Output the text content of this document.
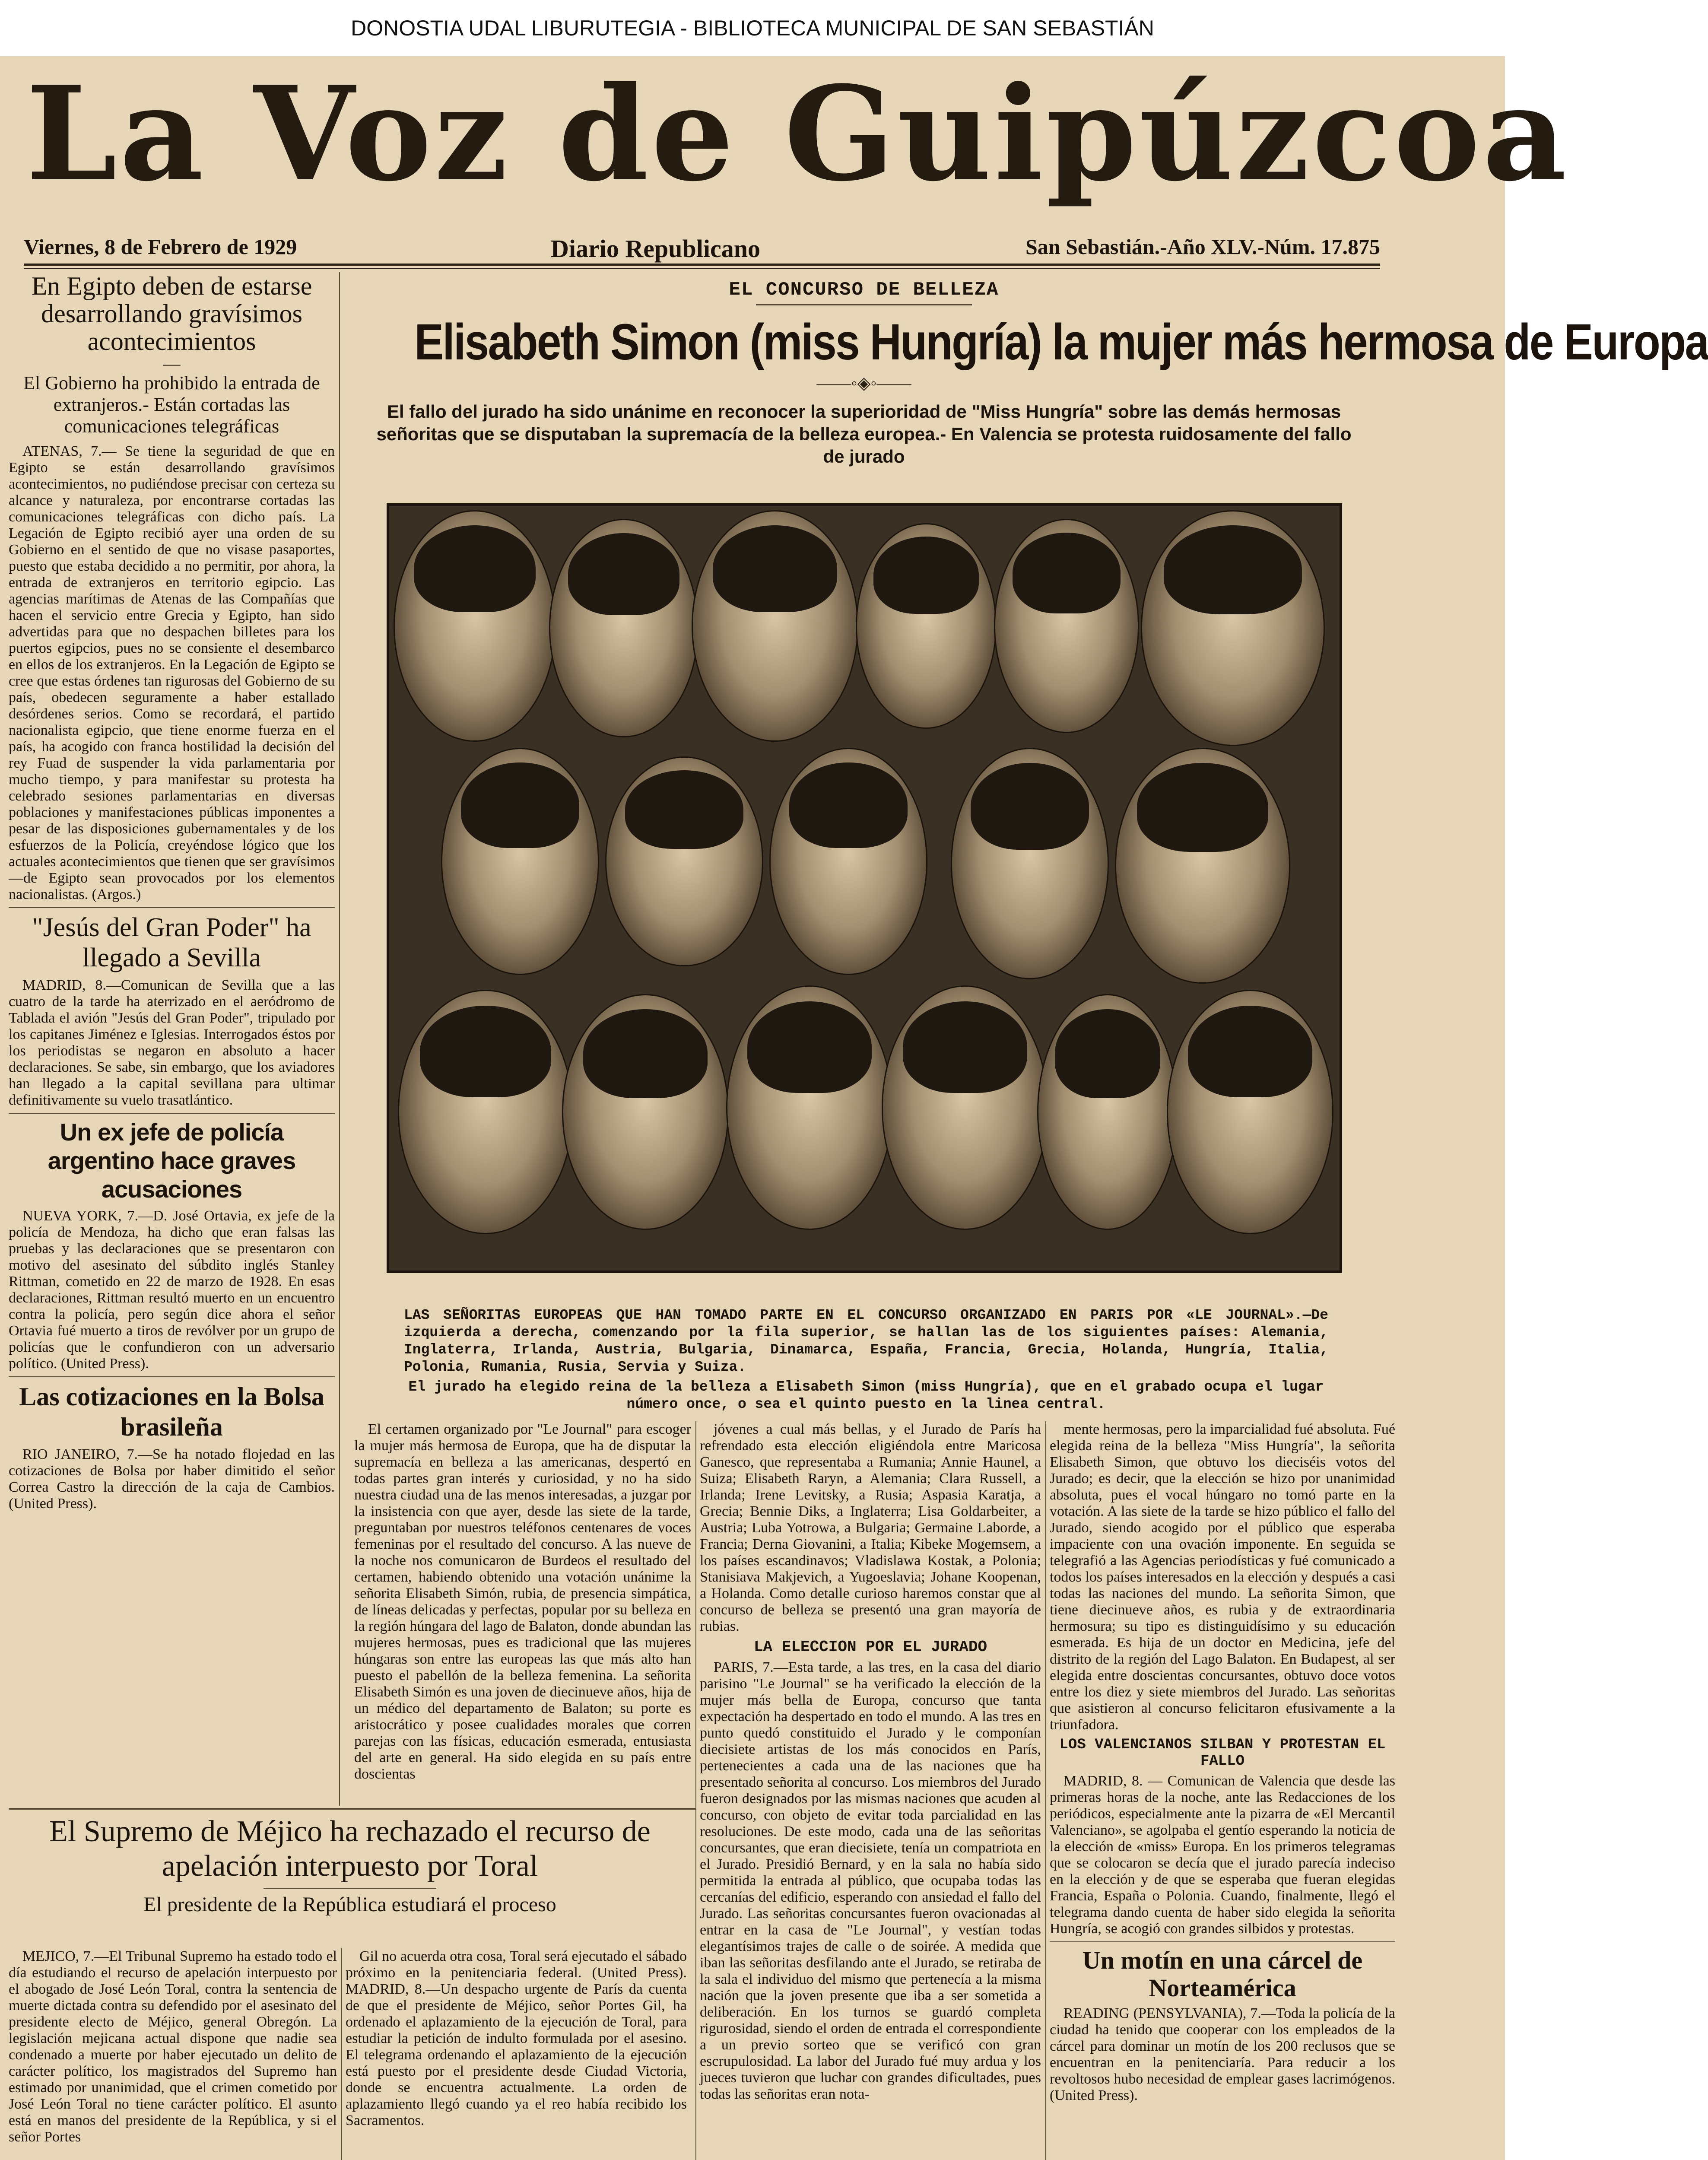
DONOSTIA UDAL LIBURUTEGIA - BIBLIOTECA MUNICIPAL DE SAN SEBASTIÁN
La Voz de Guipúzcoa
Viernes, 8 de Febrero de 1929	Diario Republicano	San Sebastián.-Año XLV.-Núm. 17.875

En Egipto deben de estarse desarrollando gravísimos acontecimientos

—

El Gobierno ha prohibido la entrada de extranjeros.- Están cortadas las comunicaciones telegráficas

ATENAS, 7.— Se tiene la seguridad de que en Egipto se están desarrollando gravísimos acontecimientos, no pudiéndose precisar con certeza su alcance y naturaleza, por encontrarse cortadas las comunicaciones telegráficas con dicho país. La Legación de Egipto recibió ayer una orden de su Gobierno en el sentido de que no visase pasaportes, puesto que estaba decidido a no permitir, por ahora, la entrada de extranjeros en territorio egipcio. Las agencias marítimas de Atenas de las Compañías que hacen el servicio entre Grecia y Egipto, han sido advertidas para que no despachen billetes para los puertos egipcios, pues no se consiente el desembarco en ellos de los extranjeros. En la Legación de Egipto se cree que estas órdenes tan rigurosas del Gobierno de su país, obedecen seguramente a haber estallado desórdenes serios. Como se recordará, el partido nacionalista egipcio, que tiene enorme fuerza en el país, ha acogido con franca hostilidad la decisión del rey Fuad de suspender la vida parlamentaria por mucho tiempo, y para manifestar su protesta ha celebrado sesiones parlamentarias en diversas poblaciones y manifestaciones públicas imponentes a pesar de las disposiciones gubernamentales y de los esfuerzos de la Policía, creyéndose lógico que los actuales acontecimientos que tienen que ser gravísimos—de Egipto sean provocados por los elementos nacionalistas. (Argos.)

"Jesús del Gran Poder" ha llegado a Sevilla

MADRID, 8.—Comunican de Sevilla que a las cuatro de la tarde ha aterrizado en el aeródromo de Tablada el avión "Jesús del Gran Poder", tripulado por los capitanes Jiménez e Iglesias. Interrogados éstos por los periodistas se negaron en absoluto a hacer declaraciones. Se sabe, sin embargo, que los aviadores han llegado a la capital sevillana para ultimar definitivamente su vuelo trasatlántico.

Un ex jefe de policía argentino hace graves acusaciones

NUEVA YORK, 7.—D. José Ortavia, ex jefe de la policía de Mendoza, ha dicho que eran falsas las pruebas y las declaraciones que se presentaron con motivo del asesinato del súbdito inglés Stanley Rittman, cometido en 22 de marzo de 1928. En esas declaraciones, Rittman resultó muerto en un encuentro contra la policía, pero según dice ahora el señor Ortavia fué muerto a tiros de revólver por un grupo de policías que le confundieron con un adversario político. (United Press).

Las cotizaciones en la Bolsa brasileña

RIO JANEIRO, 7.—Se ha notado flojedad en las cotizaciones de Bolsa por haber dimitido el señor Correa Castro la dirección de la caja de Cambios. (United Press).

EL CONCURSO DE BELLEZA

Elisabeth Simon (miss Hungría) la mujer más hermosa de Europa

——◦◈◦——

El fallo del jurado ha sido unánime en reconocer la superioridad de "Miss Hungría" sobre las demás hermosas señoritas que se disputaban la supremacía de la belleza europea.- En Valencia se protesta ruidosamente del fallo de jurado

LAS SEÑORITAS EUROPEAS QUE HAN TOMADO PARTE EN EL CONCURSO ORGANIZADO EN PARIS POR «LE JOURNAL».—De izquierda a derecha, comenzando por la fila superior, se hallan las de los siguientes países: Alemania, Inglaterra, Irlanda, Austria, Bulgaria, Dinamarca, España, Francia, Grecia, Holanda, Hungría, Italia, Polonia, Rumania, Rusia, Servia y Suiza.

El jurado ha elegido reina de la belleza a Elisabeth Simon (miss Hungría), que en el grabado ocupa el lugar número once, o sea el quinto puesto en la linea central.

El certamen organizado por "Le Journal" para escoger la mujer más hermosa de Europa, que ha de disputar la supremacía en belleza a las americanas, despertó en todas partes gran interés y curiosidad, y no ha sido nuestra ciudad una de las menos interesadas, a juzgar por la insistencia con que ayer, desde las siete de la tarde, preguntaban por nuestros teléfonos centenares de voces femeninas por el resultado del concurso. A las nueve de la noche nos comunicaron de Burdeos el resultado del certamen, habiendo obtenido una votación unánime la señorita Elisabeth Simón, rubia, de presencia simpática, de líneas delicadas y perfectas, popular por su belleza en la región húngara del lago de Balaton, donde abundan las mujeres hermosas, pues es tradicional que las mujeres húngaras son entre las europeas las que más alto han puesto el pabellón de la belleza femenina. La señorita Elisabeth Simón es una joven de diecinueve años, hija de un médico del departamento de Balaton; su porte es aristocrático y posee cualidades morales que corren parejas con las físicas, educación esmerada, entusiasta del arte en general. Ha sido elegida en su país entre doscientas

jóvenes a cual más bellas, y el Jurado de París ha refrendado esta elección eligiéndola entre Maricosa Ganesco, que representaba a Rumania; Annie Haunel, a Suiza; Elisabeth Raryn, a Alemania; Clara Russell, a Irlanda; Irene Levitsky, a Rusia; Aspasia Karatja, a Grecia; Bennie Diks, a Inglaterra; Lisa Goldarbeiter, a Austria; Luba Yotrowa, a Bulgaria; Germaine Laborde, a Francia; Derna Giovanini, a Italia; Kibeke Mogemsem, a los países escandinavos; Vladislawa Kostak, a Polonia; Stanisiava Makjevich, a Yugoeslavia; Johane Koopenan, a Holanda. Como detalle curioso haremos constar que al concurso de belleza se presentó una gran mayoría de rubias.

LA ELECCION POR EL JURADO

PARIS, 7.—Esta tarde, a las tres, en la casa del diario parisino "Le Journal" se ha verificado la elección de la mujer más bella de Europa, concurso que tanta expectación ha despertado en todo el mundo. A las tres en punto quedó constituido el Jurado y le componían diecisiete artistas de los más conocidos en París, pertenecientes a cada una de las naciones que ha presentado señorita al concurso. Los miembros del Jurado fueron designados por las mismas naciones que acuden al concurso, con objeto de evitar toda parcialidad en las resoluciones. De este modo, cada una de las señoritas concursantes, que eran diecisiete, tenía un compatriota en el Jurado. Presidió Bernard, y en la sala no había sido permitida la entrada al público, que ocupaba todas las cercanías del edificio, esperando con ansiedad el fallo del Jurado. Las señoritas concursantes fueron ovacionadas al entrar en la casa de "Le Journal", y vestían todas elegantísimos trajes de calle o de soirée. A medida que iban las señoritas desfilando ante el Jurado, se retiraba de la sala el individuo del mismo que pertenecía a la misma nación que la joven presente que iba a ser sometida a deliberación. En los turnos se guardó completa rigurosidad, siendo el orden de entrada el correspondiente a un previo sorteo que se verificó con gran escrupulosidad. La labor del Jurado fué muy ardua y los jueces tuvieron que luchar con grandes dificultades, pues todas las señoritas eran nota-

mente hermosas, pero la imparcialidad fué absoluta. Fué elegida reina de la belleza "Miss Hungría", la señorita Elisabeth Simon, que obtuvo los dieciséis votos del Jurado; es decir, que la elección se hizo por unanimidad absoluta, pues el vocal húngaro no tomó parte en la votación. A las siete de la tarde se hizo público el fallo del Jurado, siendo acogido por el público que esperaba impaciente con una ovación imponente. En seguida se telegrafió a las Agencias periodísticas y fué comunicado a todos los países interesados en la elección y después a casi todas las naciones del mundo. La señorita Simon, que tiene diecinueve años, es rubia y de extraordinaria hermosura; su tipo es distinguidísimo y su educación esmerada. Es hija de un doctor en Medicina, jefe del distrito de la región del Lago Balaton. En Budapest, al ser elegida entre doscientas concursantes, obtuvo doce votos entre los diez y siete miembros del Jurado. Las señoritas que asistieron al concurso felicitaron efusivamente a la triunfadora.

LOS VALENCIANOS SILBAN Y PROTESTAN EL FALLO

MADRID, 8. — Comunican de Valencia que desde las primeras horas de la noche, ante las Redacciones de los periódicos, especialmente ante la pizarra de «El Mercantil Valenciano», se agolpaba el gentío esperando la noticia de la elección de «miss» Europa. En los primeros telegramas que se colocaron se decía que el jurado parecía indeciso en la elección y de que se esperaba que fueran elegidas Francia, España o Polonia. Cuando, finalmente, llegó el telegrama dando cuenta de haber sido elegida la señorita Hungría, se acogió con grandes silbidos y protestas.

Un motín en una cárcel de Norteamérica

READING (PENSYLVANIA), 7.—Toda la policía de la ciudad ha tenido que cooperar con los empleados de la cárcel para dominar un motín de los 200 reclusos que se encuentran en la penitenciaría. Para reducir a los revoltosos hubo necesidad de emplear gases lacrimógenos. (United Press).

El Supremo de Méjico ha rechazado el recurso de apelación interpuesto por Toral

El presidente de la República estudiará el proceso

MEJICO, 7.—El Tribunal Supremo ha estado todo el día estudiando el recurso de apelación interpuesto por el abogado de José León Toral, contra la sentencia de muerte dictada contra su defendido por el asesinato del presidente electo de Méjico, general Obregón. La legislación mejicana actual dispone que nadie sea condenado a muerte por haber ejecutado un delito de carácter político, los magistrados del Supremo han estimado por unanimidad, que el crimen cometido por José León Toral no tiene carácter político. El asunto está en manos del presidente de la República, y si el señor Portes

Gil no acuerda otra cosa, Toral será ejecutado el sábado próximo en la penitenciaria federal. (United Press). MADRID, 8.—Un despacho urgente de París da cuenta de que el presidente de Méjico, señor Portes Gil, ha ordenado el aplazamiento de la ejecución de Toral, para estudiar la petición de indulto formulada por el asesino. El telegrama ordenando el aplazamiento de la ejecución está puesto por el presidente desde Ciudad Victoria, donde se encuentra actualmente. La orden de aplazamiento llegó cuando ya el reo había recibido los Sacramentos.
